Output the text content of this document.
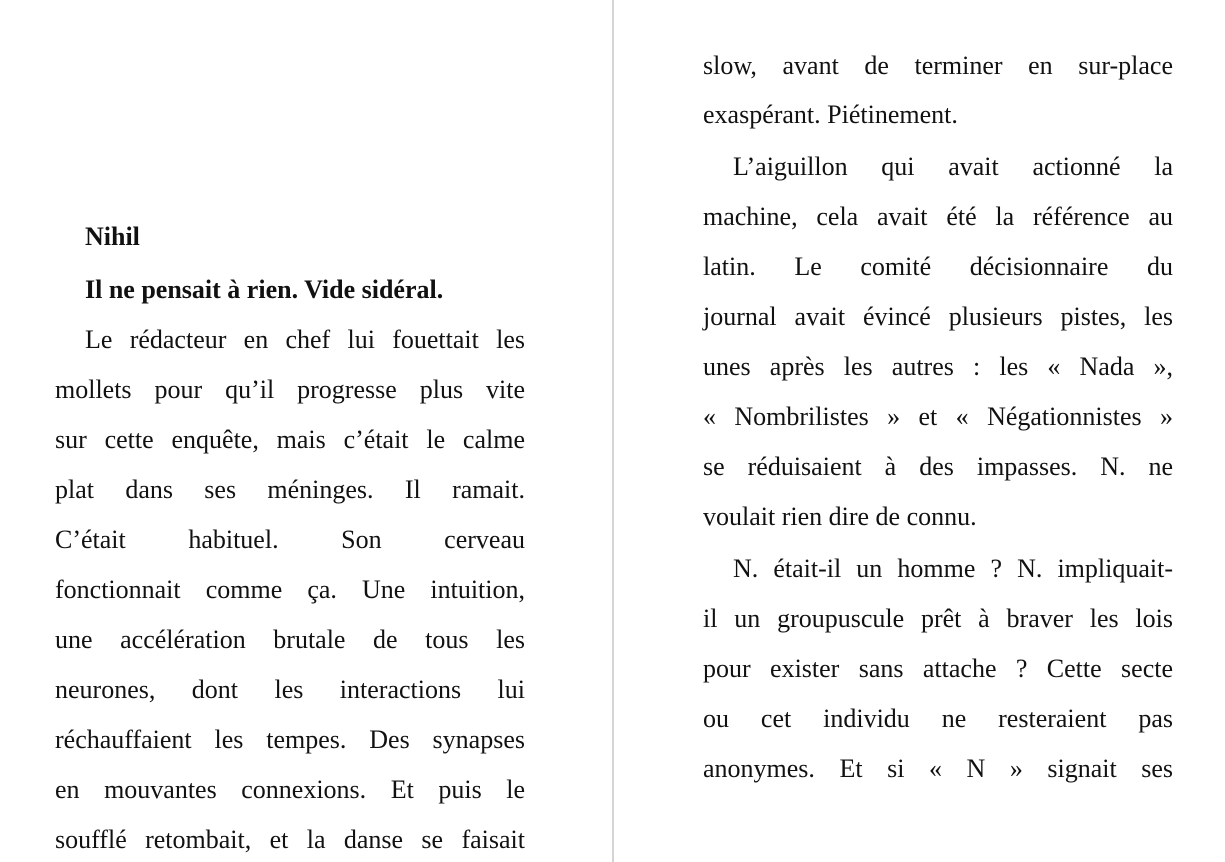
Nihil
Il ne pensait à rien. Vide sidéral.
Le rédacteur en chef lui fouettait les
mollets pour qu’il progresse plus vite
sur cette enquête, mais c’était le calme
plat dans ses méninges. Il ramait.
C’était habituel. Son cerveau
fonctionnait comme ça. Une intuition,
une accélération brutale de tous les
neurones, dont les interactions lui
réchauffaient les tempes. Des synapses
en mouvantes connexions. Et puis le
soufflé retombait, et la danse se faisait
slow, avant de terminer en sur-place
exaspérant. Piétinement.
L’aiguillon qui avait actionné la
machine, cela avait été la référence au
latin. Le comité décisionnaire du
journal avait évincé plusieurs pistes, les
unes après les autres : les « Nada »,
« Nombrilistes » et « Négationnistes »
se réduisaient à des impasses. N. ne
voulait rien dire de connu.
N. était-il un homme ? N. impliquait-
il un groupuscule prêt à braver les lois
pour exister sans attache ? Cette secte
ou cet individu ne resteraient pas
anonymes. Et si « N » signait ses
